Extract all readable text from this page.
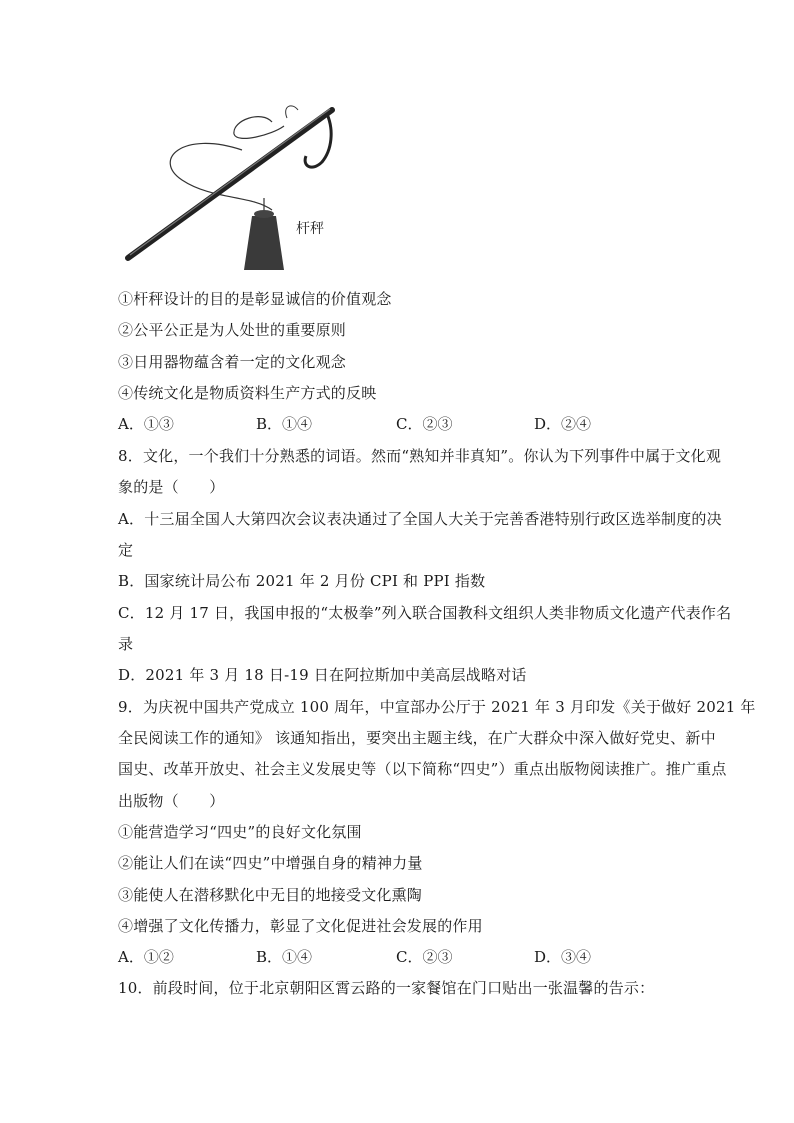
杆秤
①杆秤设计的目的是彰显诚信的价值观念
②公平公正是为人处世的重要原则
③日用器物蕴含着一定的文化观念
④传统文化是物质资料生产方式的反映
A．①③	B．①④	C．②③	D．②④
8．文化，一个我们十分熟悉的词语。然而“熟知并非真知”。你认为下列事件中属于文化观
象的是（　　）
A．十三届全国人大第四次会议表决通过了全国人大关于完善香港特别行政区选举制度的决
定
B．国家统计局公布 2021 年 2 月份 CPI 和 PPI 指数
C．12 月 17 日，我国申报的“太极拳”列入联合国教科文组织人类非物质文化遗产代表作名
录
D．2021 年 3 月 18 日-19 日在阿拉斯加中美高层战略对话
9．为庆祝中国共产党成立 100 周年，中宣部办公厅于 2021 年 3 月印发《关于做好 2021 年
全民阅读工作的通知》 该通知指出，要突出主题主线，在广大群众中深入做好党史、新中
国史、改革开放史、社会主义发展史等（以下简称“四史”）重点出版物阅读推广。推广重点
出版物（　　）
①能营造学习“四史”的良好文化氛围
②能让人们在读“四史”中增强自身的精神力量
③能使人在潜移默化中无目的地接受文化熏陶
④增强了文化传播力，彰显了文化促进社会发展的作用
A．①②	B．①④	C．②③	D．③④
10．前段时间，位于北京朝阳区霄云路的一家餐馆在门口贴出一张温馨的告示：
